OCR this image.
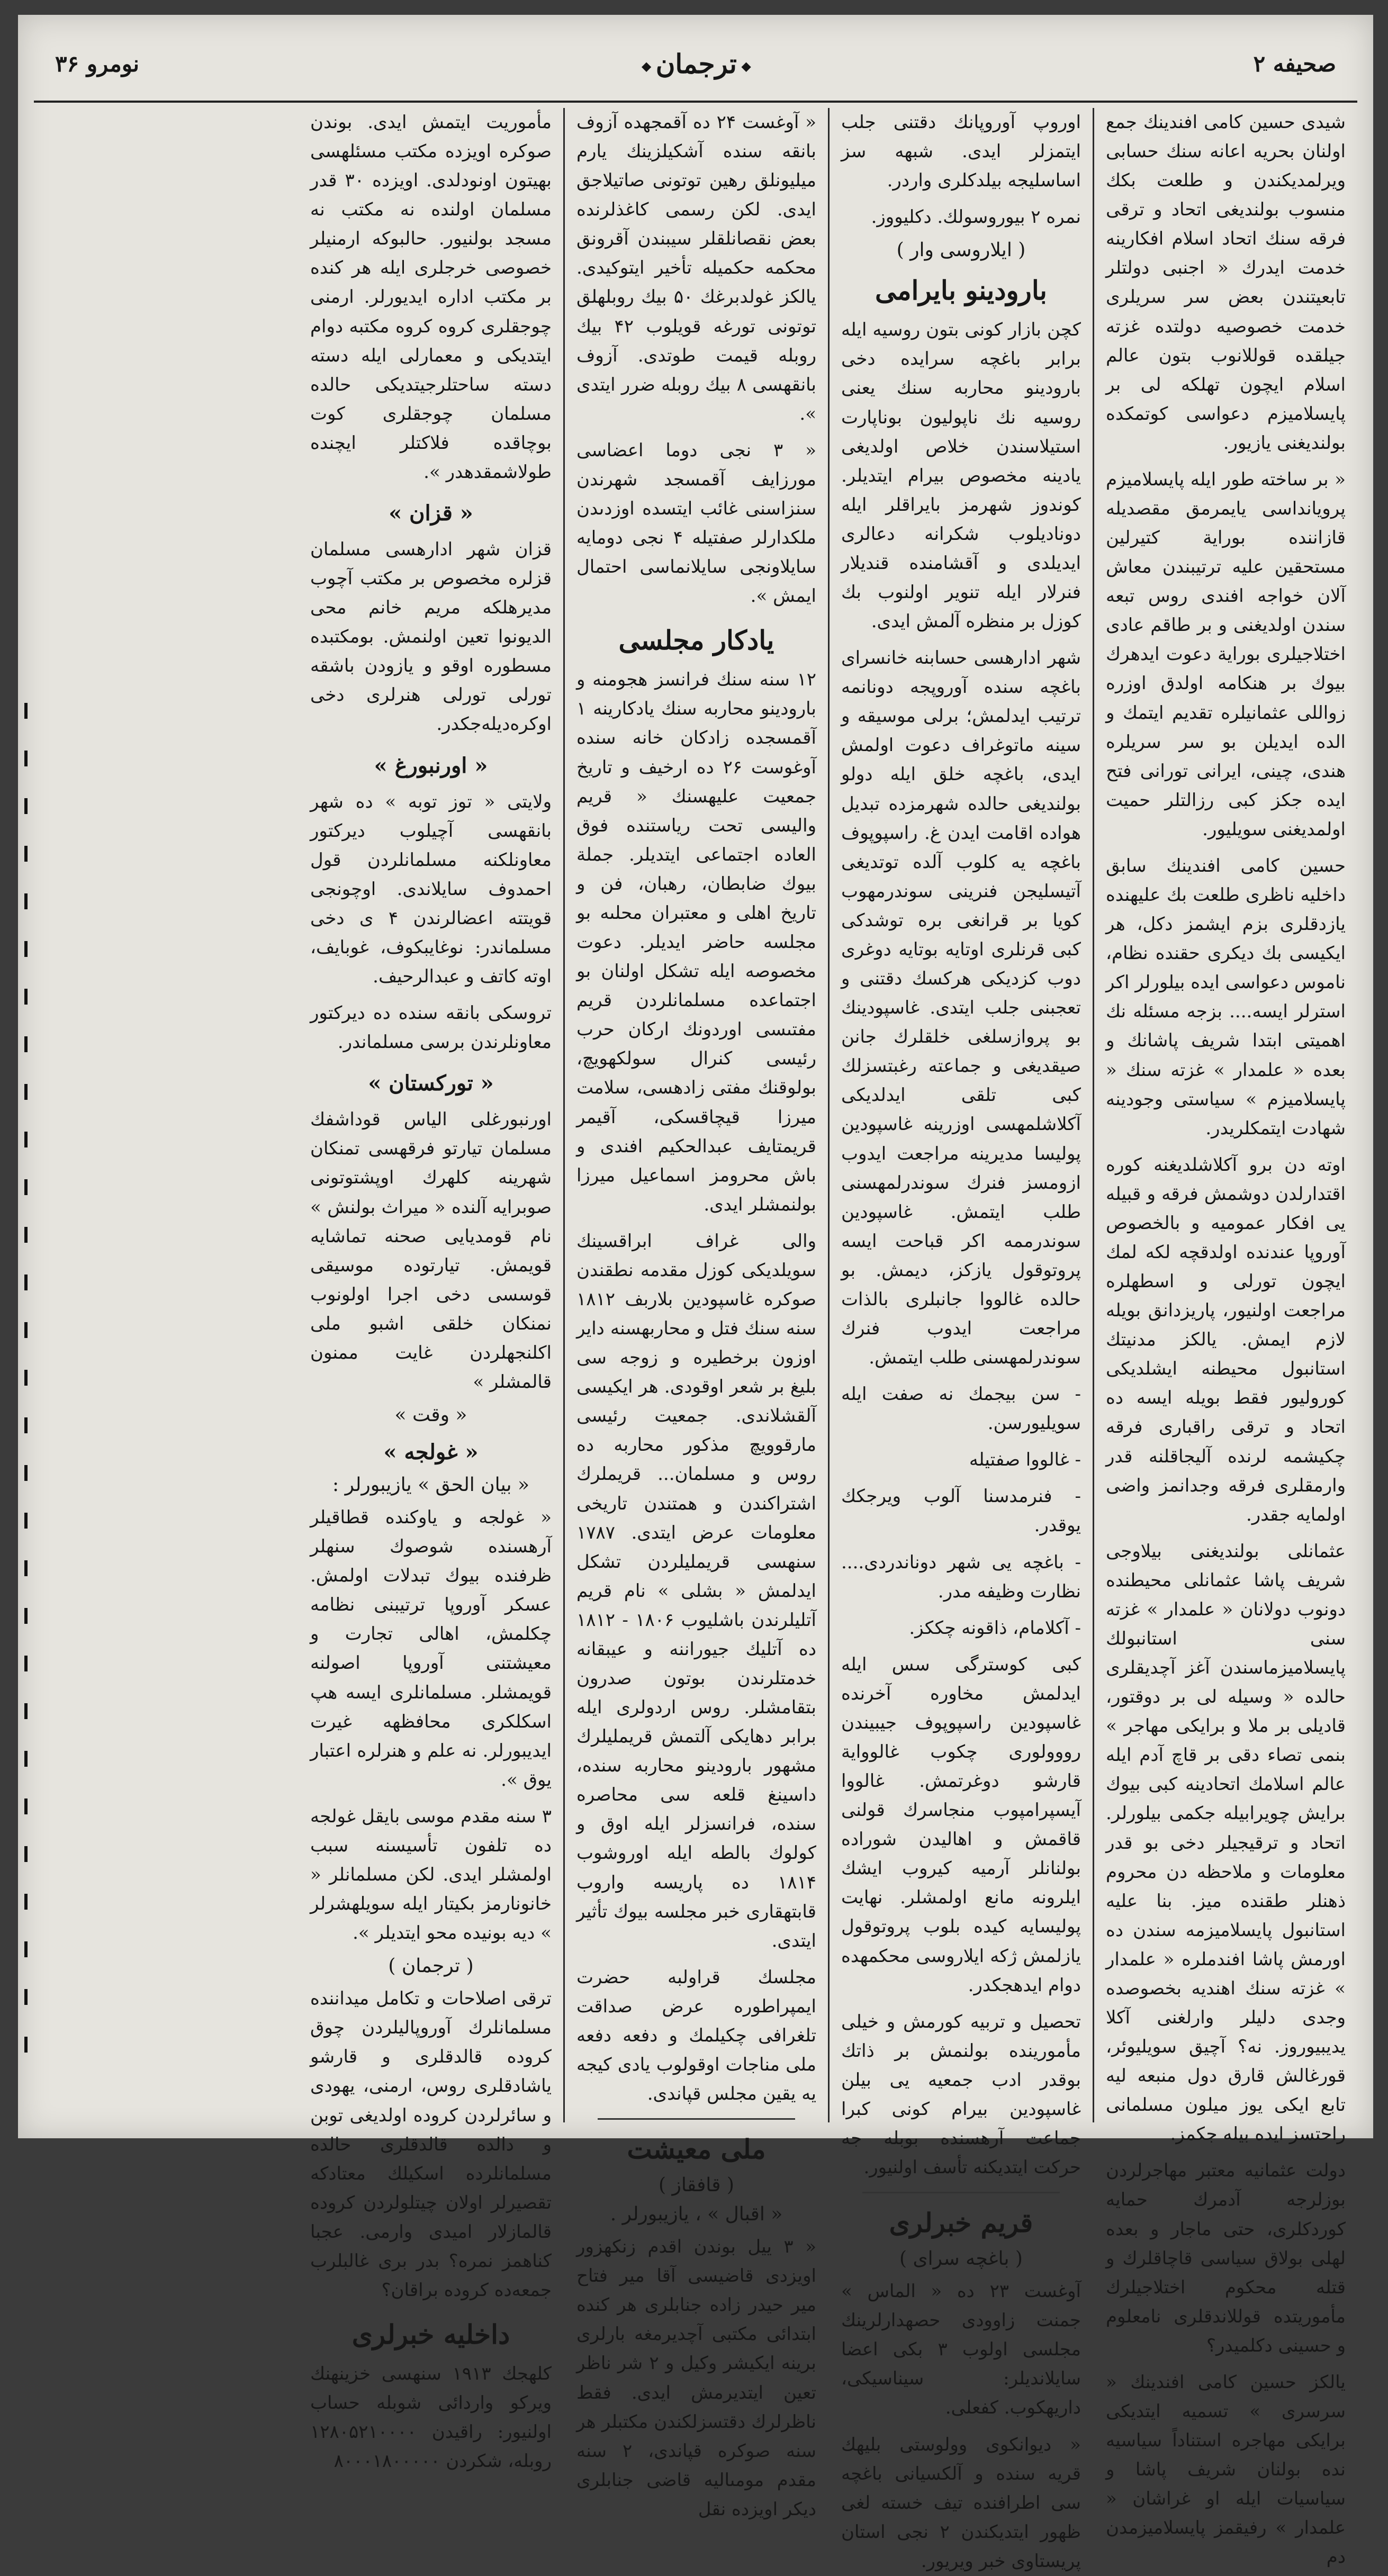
صحيفه ۲
◆ ترجمان ◆
نومرو ۳۶

شيدى حسين كامى افندينك جمع اولنان بحريه اعانه سنك حسابى ويرلمديكندن و طلعت بكك منسوب بولنديغى اتحاد و ترقى فرقه سنك اتحاد اسلام افكارينه خدمت ايدرك « اجنبى دولتلر تابعيتندن بعض سر سريلرى خدمت خصوصيه دولتده غزته جيلقده قوللانوب بتون عالم اسلام ايچون تهلكه لى بر پايسلاميزم دعواسى كوتمكده بولنديغنى يازيور.

« بر ساخته طور ايله پايسلاميزم پرويانداسى يايمرمق مقصديله قازاننده بوراية كتيرلين مستحقين عليه ترتيبندن معاش آلان خواجه افندى روس تبعه سندن اولديغنى و بر طاقم عادى اختلاجيلرى بوراية دعوت ايدهرك بيوك بر هنكامه اولدق اوزره زواللى عثمانيلره تقديم ايتمك و الده ايديلن بو سر سريلره هندى، چينى، ايرانى تورانى فتح ايده جكز كبى رزالتلر حميت اولمديغنى سويليور.

حسين كامى افندينك سابق داخليه ناظرى طلعت بك عليهنده يازدقلرى بزم ايشمز دكل، هر ايكيسى بك ديكرى حقنده نظام، ناموس دعواسى ايده بيلورلر اكر استرلر ايسه.... بزجه مسئله نك اهميتى ابتدا شريف پاشانك و بعده « علمدار » غزته سنك « پايسلاميزم » سياستى وجودينه شهادت ايتمكلريدر.

اوته دن برو آكلاشلديغنه كوره اقتدارلدن دوشمش فرقه و قبيله يى افكار عموميه و بالخصوص آوروپا عندنده اولدقچه لكه لمك ايچون تورلى و اسطهلره مراجعت اولنيور، پاريزدانق بويله لازم ايمش. يالكز مدنيتك استانبول محيطنه ايشلديكى كوروليور فقط بويله ايسه ده اتحاد و ترقى راقبارى فرقه چكيشمه لرنده آليجاقلنه قدر وارمقلرى فرقه وجدانمز واضى اولمايه جقدر.

عثمانلى بولنديغنى بيلاوجى شريف پاشا عثمانلى محيطنده دونوب دولانان « علمدار » غزته سنى استانبولك پايسلاميزماسندن آغز آچديقلرى حالده « وسيله لى بر دوقتور، قاديلى بر ملا و برايكى مهاجر » بنمى تصاء دقى بر قاچ آدم ايله عالم اسلامك اتحادينه كبى بيوك برايش چويرابيله جكمى بيلورلر. اتحاد و ترقيجيلر دخى بو قدر معلومات و ملاحظه دن محروم ذهنلر طقنده ميز. بنا عليه استانبول پايسلاميزمه سندن ده اورمش پاشا افندملره « علمدار » غزته سنك اهنديه بخصوصده وجدى دليلر وارلغنى آكلا يديبيوروز. نه؟ آچيق سويليوئر، قورغالش قارق دول منبعه ليه تابع ايكى يوز ميلون مسلمانى راحتسز ايده بيله جكمز.

دولت عثمانيه معتبر مهاجرلردن بوزلرجه آدمرك حمايه كوردكلرى، حتى ماجار و بعده لهلى بولاق سياسى قاچاقلرك و قتله محكوم اختلاجيلرك مأموريتده قوللاندقلرى نامعلوم و حسينى دكلميدر؟

يالكز حسين كامى افندينك « سرسرى » تسميه ايتديكى برايكى مهاجره استناداً سياسيه نده بولنان شريف پاشا و سياسيات ايله او غراشان « علمدار » رفيقمز پايسلاميزمدن دم

اوروپ آوروپانك دقتنى جلب ايتمزلر ايدى. شبهه سز اساسليجه بيلدكلرى واردر.

نمره ۲ بيوروسولك. دكليووز.

( ايلاروسى وار )
بارودينو بايرامى

كچن بازار كونى بتون روسيه ايله برابر باغچه سرايده دخى بارودينو محاربه سنك يعنى روسيه نك ناپوليون بوناپارت استيلاسندن خلاص اولديغى يادينه مخصوص بيرام ايتديلر. كوندوز شهرمز بايراقلر ايله دوناديلوب شكرانه دعالرى ايديلدى و آقشامنده قنديلار فنرلار ايله تنوير اولنوب بك كوزل بر منظره آلمش ايدى.

شهر ادارهسى حسابنه خانسراى باغچه سنده آوروپجه دونانمه ترتيب ايدلمش؛ برلى موسيقه و سينه ماتوغراف دعوت اولمش ايدى، باغچه خلق ايله دولو بولنديغى حالده شهرمزده تبديل هواده اقامت ايدن غ. راسپوپوف باغچه يه كلوب آلده توتديغى آتيسليجن فنرينى سوندرمهوب كويا بر قرانغى بره توشدكى كبى قرنلرى اوتايه بوتايه دوغرى دوب كزديكى هركسك دقتنى و تعجبنى جلب ايتدى. غاسپودينك بو پروازسلغى خلقلرك جانن صيقديغى و جماعته رغبتسزلك كبى تلقى ايدلديكى آكلاشلمهسى اوزرينه غاسپودين پوليسا مديرينه مراجعت ايدوب ازومسز فنرك سوندرلمهسنى طلب ايتمش. غاسپودين سوندرممه اكر قباحت ايسه پروتوقول يازكز، ديمش. بو حالده غالووا جانبلرى بالذات مراجعت ايدوب فنرك سوندرلمهسنى طلب ايتمش.

- سن بيجمك نه صفت ايله سويليورسن.

- غالووا صفتيله

- فنرمدسنا آلوب ويرجكك يوقدر.

- باغچه يى شهر دوناندردى.... نظارت وظيفه مدر.

- آكلامام، ذاقونه چككز.

كبى كوسترگى سس ايله ايدلمش مخاوره آخرنده غاسپودين راسپوپوف جيبيندن رووولورى چكوب غالوواية قارشو دوغرتمش. غالووا آيسپرامپوب منجاسرك قولنى قاقمش و اهاليدن شوراده بولنانلر آرميه كيروب ايشك ايلرونه مانع اولمشلر. نهايت پوليسايه كيده بلوب پروتوقول يازلمش ژكه ايلاروسى محكمهده دوام ايدهجكدر.

تحصيل و تربيه كورمش و خيلى مأمورينده بولنمش بر ذاتك بوقدر ادب جمعيه يى بيلن غاسپودين بيرام كونى كبرا جماعت آرهسنده بوبله جه حركت ايتديكنه تأسف اولنيور.

قريم خبرلرى
( باغچه سراى )

آوغست ۲۳ ده « الماس » جمنت زاوودى حصهدارلرينك مجلسى اولوب ۳ بكى اعضا سايلانديلر: سيناسيكى، داريهكوب. كفعلى.

« ديوانكوى وولوستى بليهك قريه سنده و آلكسيانى باغچه سى اطرافنده تيف خسته لغى ظهور ايتديكندن ۲ نجى استان پريستاوى خبر ويريور.

« آوغست ۲۴ ده آقمجهده آزوف بانقه سنده آشكيلزينك يارم ميليونلق رهين توتونى صاتيلاجق ايدى. لكن رسمى كاغذلرنده بعض نقصانلقلر سيبندن آقرونق محكمه حكميله تأخير ايتوكيدى. يالكز غولدبرغك ۵۰ بيك روبلهلق توتونى تورغه قويلوب ۴۲ بيك روبله قيمت طوتدى. آزوف بانقهسى ۸ بيك روبله ضرر ايتدى ».

« ۳ نجى دوما اعضاسى مورزايف آقمسجد شهرندن سنزاسنى غائب ايتسده اوزدىدن ملكدارلر صفتيله ۴ نجى دومايه سايلاونجى سايلانماسى احتمال ايمش ».

يادكار مجلسى

۱۲ سنه سنك فرانسز هجومنه و بارودينو محاربه سنك يادكارينه ۱ آقمسجده زادكان خانه سنده آوغوست ۲۶ ده ارخيف و تاريخ جمعيت عليهسنك « قريم واليسى تحت رياستنده فوق العاده اجتماعى ايتديلر. جملة بيوك ضابطان، رهبان، فن و تاريخ اهلى و معتبران محلىه بو مجلسه حاضر ايديلر. دعوت مخصوصه ايله تشكل اولنان بو اجتماعده مسلمانلردن قريم مفتىسى اوردونك اركان حرب رئيسى كنرال سولكهويچ، بولوقنك مفتى زادهسى، سلامت ميرزا قيچاقسكى، آقيمر قريمتايف عبدالحكيم افندى و باش محرومز اسماعيل ميرزا بولنمشلر ايدى.

والى غراف ابراقسينك سويلديكى كوزل مقدمه نطقندن صوكره غاسپودين بلاربف ۱۸۱۲ سنه سنك فتل و محاربهسنه داير اوزون برخطيره و زوجه سى بليغ بر شعر اوقودى. هر ايكيسى آلقشلاندى. جمعيت رئيسى مارقوويچ مذكور محاربه ده روس و مسلمان... قريملرك اشتراكندن و همتندن تاريخى معلومات عرض ايتدى. ۱۷۸۷ سنهسى قريمليلردن تشكل ايدلمش « بشلى » نام قريم آتليلرندن باشليوب ۱۸۰۶ - ۱۸۱۲ ده آتليك جيوراننه و عيبقانه خدمتلرندن بوتون صدرون بتقامشلر. روس اردولرى ايله برابر دهایکى آلتمش قريمليلرك مشهور بارودينو محاربه سنده، داسينغ قلعه سى محاصره سنده، فرانسزلر ايله اوق و كولوك بالطه ايله اوروشوب ۱۸۱۴ ده پاريسه واروب قابتهقارى خبر مجلسه بيوك تأثير ايتدى.

مجلسك قراولبه حضرت ايمپراطوره عرض صداقت تلغرافى چكيلمك و دفعه دفعه ملى مناجات اوقولوب يادى كيجه يه يقين مجلس قپاندى.

ملى معيشت
( قافقاز )
« اقبال » ، يازيبورلر .

« ۳ ييل بوندن اقدم زنكهزور اويزدى قاضيسى آقا مير فتاح مير حيدر زاده جنابلرى هر كنده ابتدائى مكتبى آچديرمغه بارلرى برينه ايكيشر وكيل و ۲ شر ناظر تعين ايتديرمش ايدى. فقط ناظرلرك دقتسزلكندن مكتبلر هر سنه صوكره قپاندى، ۲ سنه مقدم مومىاليه قاضى جنابلرى ديكر اويزده نقل

مأموريت ايتمش ايدى. بوندن صوكره اويزده مكتب مسئلهسى بهيتون اونودلدى. اويزده ۳۰ قدر مسلمان اولنده نه مكتب نه مسجد بولنيور. حالبوكه ارمنيلر خصوصى خرجلرى ايله هر كنده بر مكتب اداره ايديورلر. ارمنى چوجقلرى كروه كروه مكتبه دوام ايتديكى و معمارلى ايله دسته دسته ساحتلرجيتديكى حالده مسلمان چوجقلرى كوت بوچاقده فلاكتلر ايچنده طولاشمقدهدر ».

« قزان »

قزان شهر ادارهسى مسلمان قزلره مخصوص بر مكتب آچوب مديرهلكه مريم خانم محى الديونوا تعين اولنمش. بومكتبده مسطوره اوقو و يازودن باشقه تورلى تورلى هنرلرى دخى اوكرەديلەجكدر.

« اورنبورغ »

ولايتى « توز توبه » ده شهر بانقهسى آچيلوب ديركتور معاونلكنه مسلمانلردن قول احمدوف سايلاندى. اوچونجى قويتته اعضالرندن ۴ ى دخى مسلماندر: نوغايبكوف، غوبايف، اوته كاتف و عبدالرحيف.

تروسكى بانقه سنده ده ديركتور معاونلرندن برسى مسلماندر.

« توركستان »

اورنبورغلى الياس قوداشفك مسلمان تيارتو فرقهسى تمنكان شهرينه كلهرك اوپشتوتونى صوبرايه آلنده « ميراث بولنش » نام قومديايى صحنه تماشايه قويمش. تيارتوده موسيقى قوسسى دخى اجرا اولونوب نمنكان خلقى اشبو ملى اكلنجهلردن غايت ممنون قالمشلر »

« وقت »
« غولجه »
« بيان الحق » يازيبورلر :

« غولجه و ياوكنده قطاقيلر آرهسنده شوصوك سنهلر ظرفنده بيوك تبدلات اولمش. عسكر آوروپا ترتيبنى نظامه چكلمش، اهالى تجارت و معيشتنى آوروپا اصولنه قويمشلر. مسلمانلرى ايسه هپ اسكلكرى محافظهه غيرت ايديبورلر. نه علم و هنرلره اعتبار يوق ».

۳ سنه مقدم موسى بايقل غولجه ده تلفون تأسيسنه سبب اولمشلر ايدى. لكن مسلمانلر « خانونارمز بكيتار ايله سويلهشرلر » ديه بونيده محو ايتديلر ».

( ترجمان )

ترقى اصلاحات و تكامل ميدانندە مسلمانلرك آوروپالیلردن چوق كروده قالدقلرى و قارشو ياشادقلرى روس، ارمنى، يهودى و سائرلردن كروده اولديغى توبن و دالده قالدقلرى حالدە مسلمانلرده اسكيلك معتادكه تقصيرلر اولان چيتلولردن كروده قالمازلار اميدى وارمى. عجبا كناهمز نمره؟ بدر برى غالبلرب جمعەدە كروده براقان؟

داخليه خبرلرى

كلهجك ۱۹۱۳ سنهسى خزينهنك ويركو واردائى شوبله حساب اولنيور: راقيدن ۱۲۸۰۵۲۱۰۰۰۰ روبله، شكردن ۸۰۰۰۱۸۰۰۰۰۰
